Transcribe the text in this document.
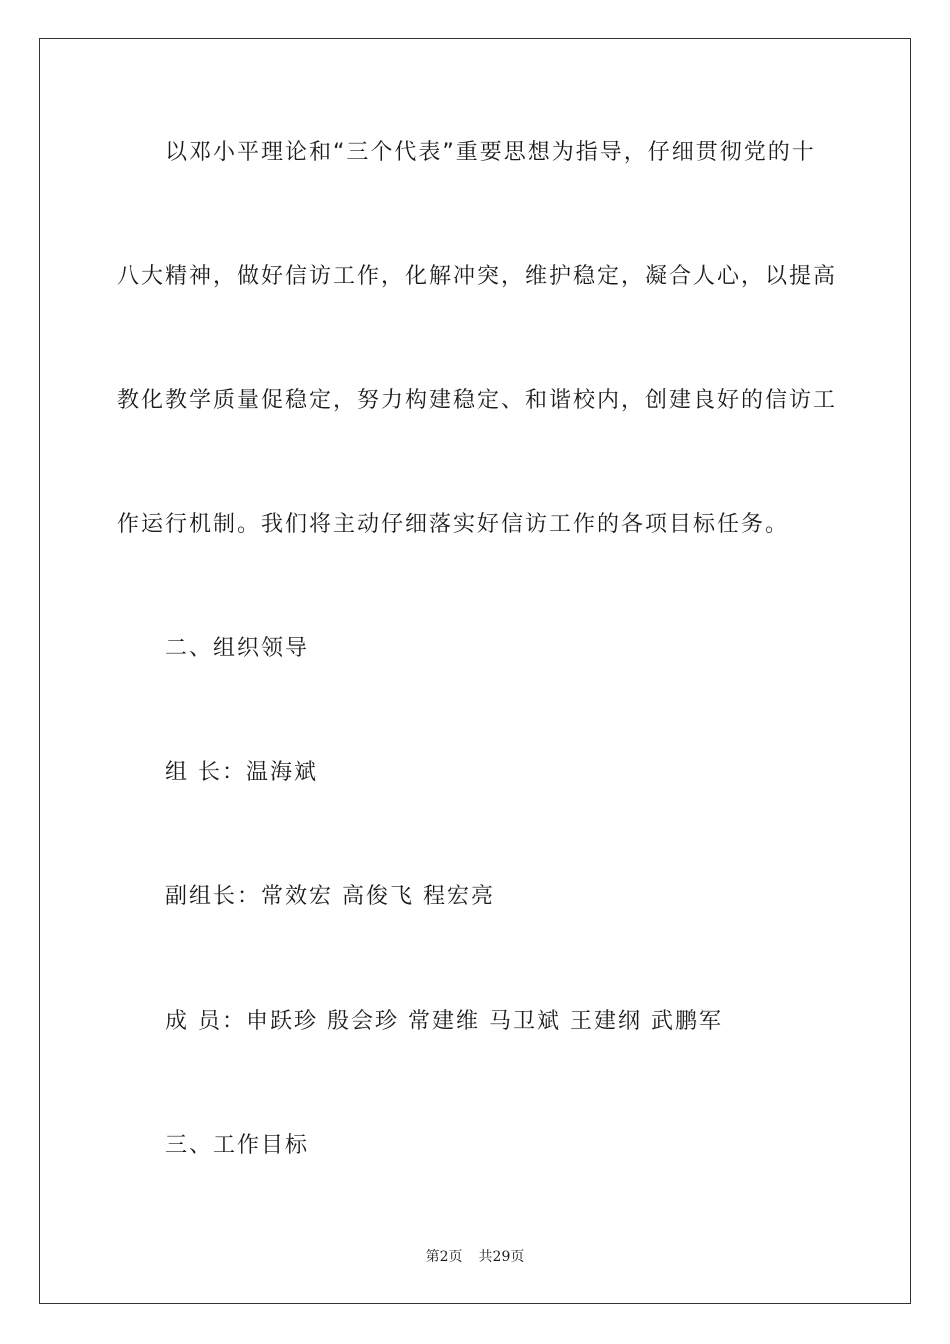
以邓小平理论和“三个代表”重要思想为指导，仔细贯彻党的十
八大精神，做好信访工作，化解冲突，维护稳定，凝合人心，以提高
教化教学质量促稳定，努力构建稳定、和谐校内，创建良好的信访工
作运行机制。我们将主动仔细落实好信访工作的各项目标任务。
二、组织领导
组 长：温海斌
副组长：常效宏 高俊飞 程宏亮
成 员：申跃珍 殷会珍 常建维 马卫斌 王建纲 武鹏军
三、工作目标
第2页 共29页
